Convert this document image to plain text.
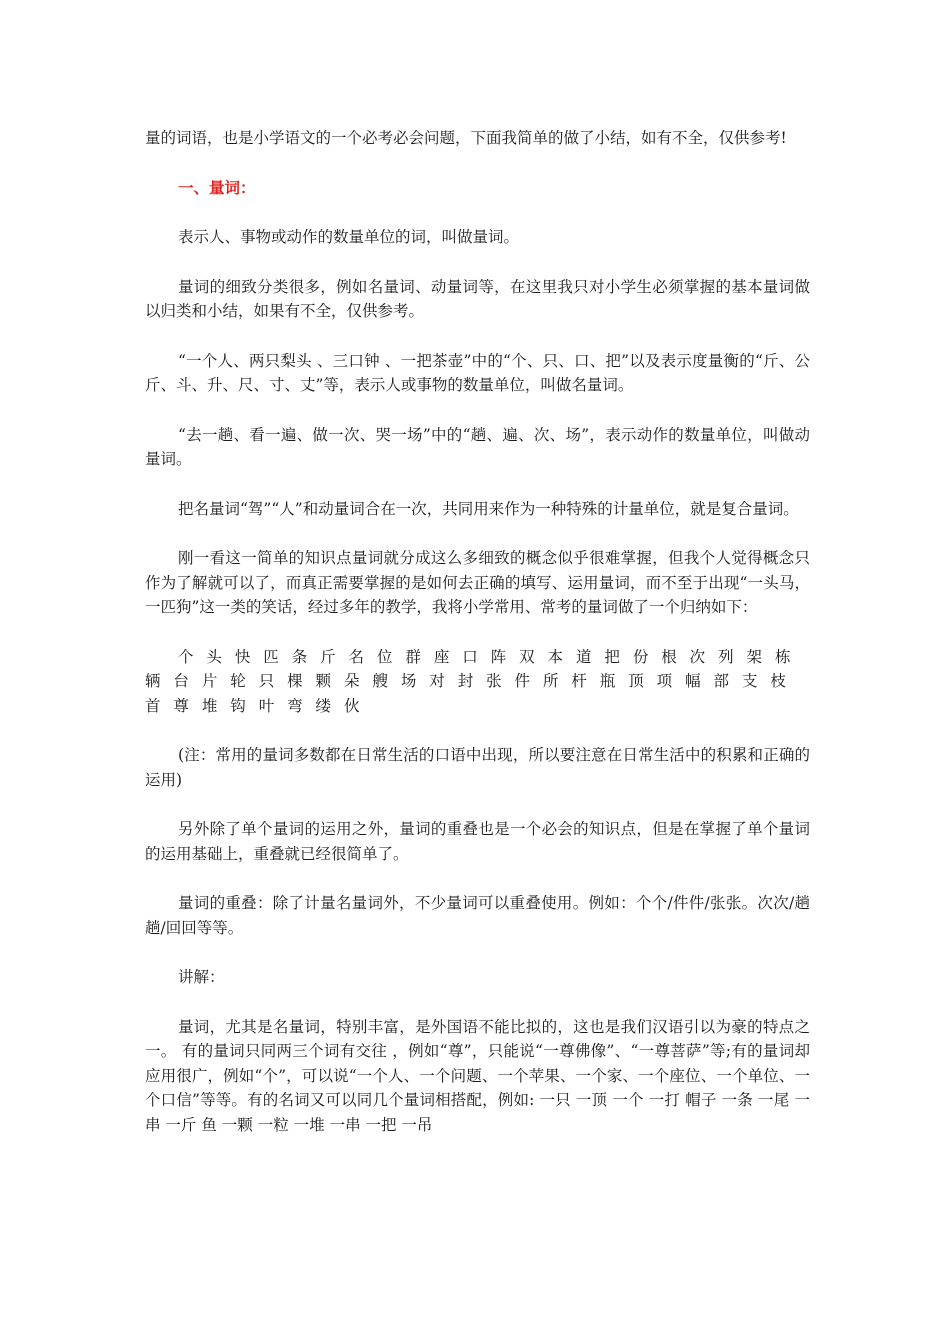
量的词语，也是小学语文的一个必考必会问题，下面我简单的做了小结，如有不全，仅供参考!

一、量词：

表示人、事物或动作的数量单位的词，叫做量词。

量词的细致分类很多，例如名量词、动量词等，在这里我只对小学生必须掌握的基本量词做以归类和小结，如果有不全，仅供参考。

“一个人、两只梨头 、三口钟 、一把茶壶”中的“个、只、口、把”以及表示度量衡的“斤、公斤、斗、升、尺、寸、丈”等，表示人或事物的数量单位，叫做名量词。

“去一趟、看一遍、做一次、哭一场”中的“趟、遍、次、场”，表示动作的数量单位，叫做动量词。

把名量词“驾”“人”和动量词合在一次，共同用来作为一种特殊的计量单位，就是复合量词。

刚一看这一简单的知识点量词就分成这么多细致的概念似乎很难掌握，但我个人觉得概念只作为了解就可以了，而真正需要掌握的是如何去正确的填写、运用量词，而不至于出现“一头马，一匹狗”这一类的笑话，经过多年的教学，我将小学常用、常考的量词做了一个归纳如下：

个 头 快 匹 条 斤 名 位 群 座 口 阵 双 本 道 把 份 根 次 列 架 栋 辆 台 片 轮 只 棵 颗 朵 艘 场 对 封 张 件 所 杆 瓶 顶 项 幅 部 支 枝 首 尊 堆 钩 叶 弯 缕 伙

(注：常用的量词多数都在日常生活的口语中出现，所以要注意在日常生活中的积累和正确的运用)

另外除了单个量词的运用之外，量词的重叠也是一个必会的知识点，但是在掌握了单个量词的运用基础上，重叠就已经很简单了。

量词的重叠：除了计量名量词外，不少量词可以重叠使用。例如：个个/件件/张张。次次/趟趟/回回等等。

讲解：

量词，尤其是名量词，特别丰富，是外国语不能比拟的，这也是我们汉语引以为豪的特点之一。 有的量词只同两三个词有交往 ，例如“尊”，只能说“一尊佛像”、“一尊菩萨”等;有的量词却应用很广，例如“个”，可以说“一个人、一个问题、一个苹果、一个家、一个座位、一个单位、一个口信”等等。有的名词又可以同几个量词相搭配，例如: 一只 一顶 一个 一打 帽子 一条 一尾 一串 一斤 鱼 一颗 一粒 一堆 一串 一把 一吊
